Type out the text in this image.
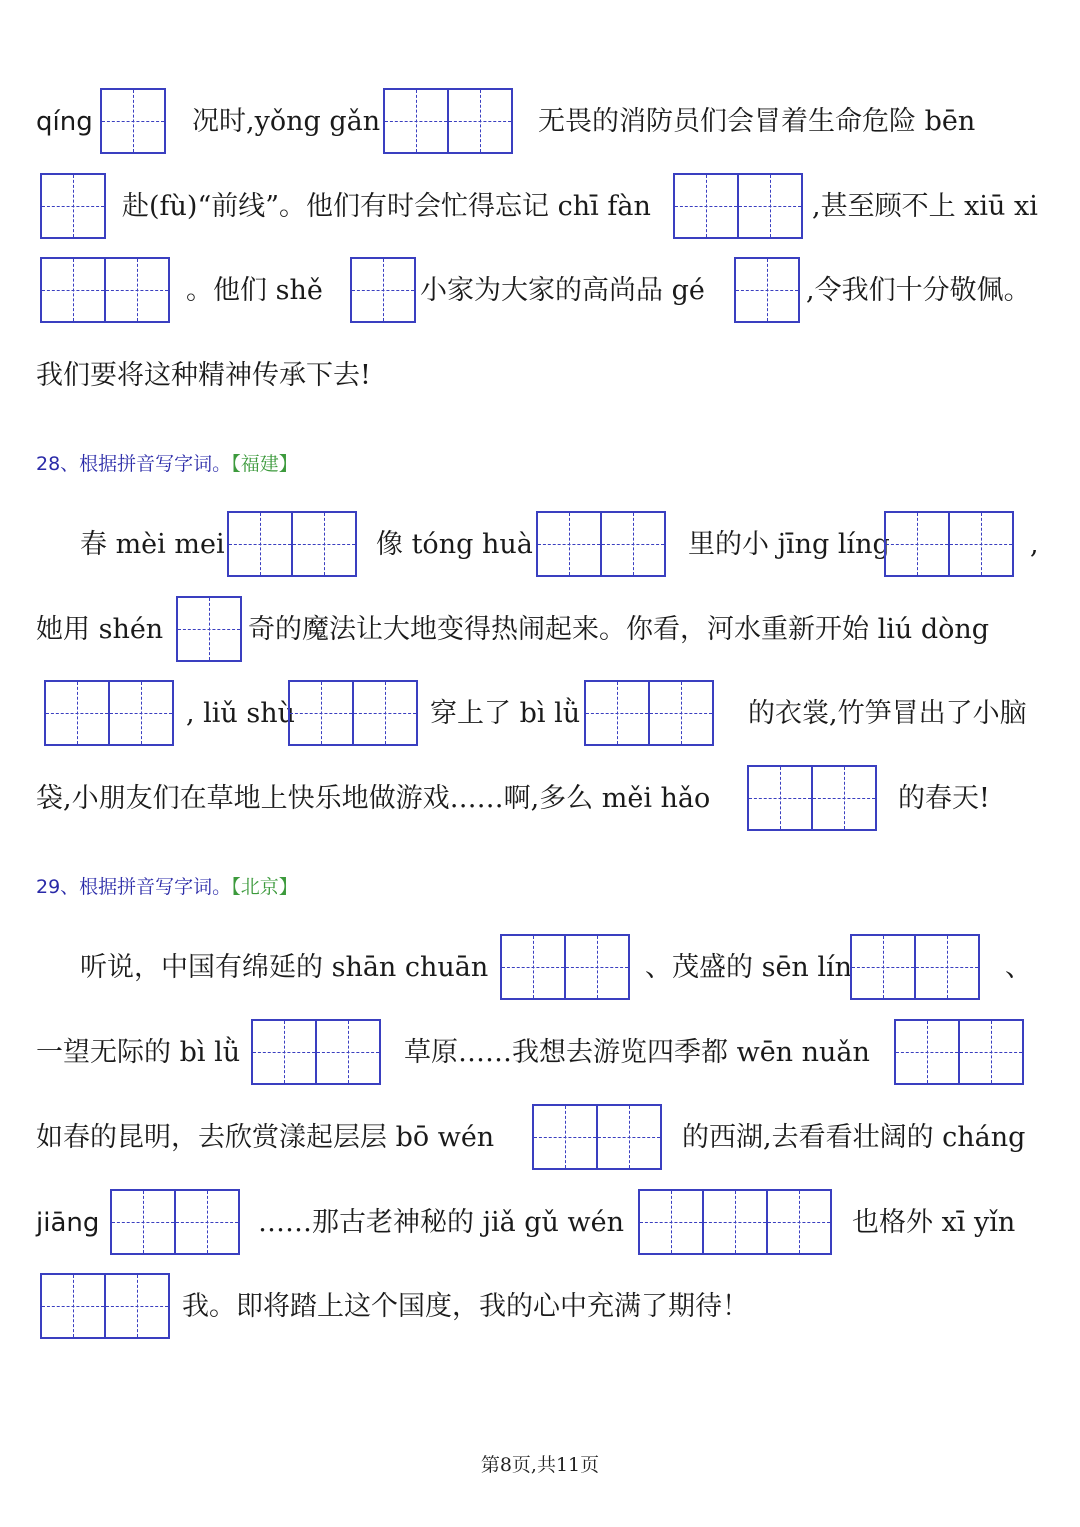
qíng	况时,yǒng gǎn	无畏的消防员们会冒着生命危险 bēn
赴(fù)“前线”。他们有时会忙得忘记 chī fàn	,甚至顾不上 xiū xi
。他们 shě	小家为大家的高尚品 gé	,令我们十分敬佩。
我们要将这种精神传承下去!
28、根据拼音写字词。【福建】
春 mèi mei	像 tóng huà	里的小 jīng líng	,
她用 shén	奇的魔法让大地变得热闹起来。你看，河水重新开始 liú dòng
, liǔ shù	穿上了 bì lǜ	的衣裳,竹笋冒出了小脑
袋,小朋友们在草地上快乐地做游戏……啊,多么 měi hǎo	的春天!
29、根据拼音写字词。【北京】
听说，中国有绵延的 shān chuān	、茂盛的 sēn lín	、
一望无际的 bì lǜ	草原……我想去游览四季都 wēn nuǎn
如春的昆明，去欣赏漾起层层 bō wén	的西湖,去看看壮阔的 cháng
jiāng	……那古老神秘的 jiǎ gǔ wén	也格外 xī yǐn
我。即将踏上这个国度，我的心中充满了期待！
第8页,共11页
